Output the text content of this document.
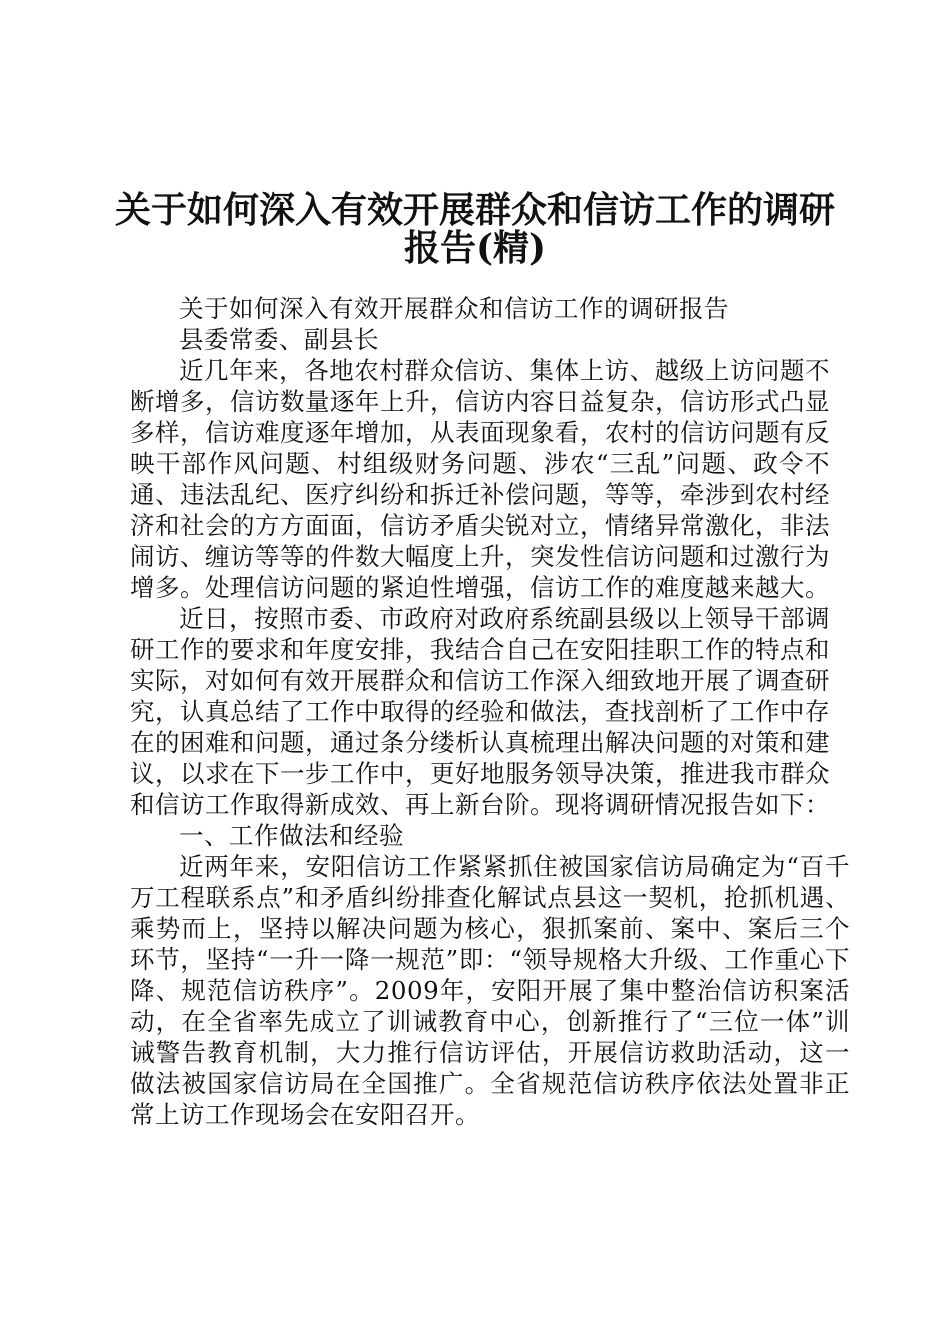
关于如何深入有效开展群众和信访工作的调研
报告(精)

关于如何深入有效开展群众和信访工作的调研报告

县委常委、副县长

近几年来，各地农村群众信访、集体上访、越级上访问题不断增多，信访数量逐年上升，信访内容日益复杂，信访形式凸显多样，信访难度逐年增加，从表面现象看，农村的信访问题有反映干部作风问题、村组级财务问题、涉农“三乱”问题、政令不通、违法乱纪、医疗纠纷和拆迁补偿问题，等等，牵涉到农村经济和社会的方方面面，信访矛盾尖锐对立，情绪异常激化，非法闹访、缠访等等的件数大幅度上升，突发性信访问题和过激行为增多。处理信访问题的紧迫性增强，信访工作的难度越来越大。

近日，按照市委、市政府对政府系统副县级以上领导干部调研工作的要求和年度安排，我结合自己在安阳挂职工作的特点和实际，对如何有效开展群众和信访工作深入细致地开展了调查研究，认真总结了工作中取得的经验和做法，查找剖析了工作中存在的困难和问题，通过条分缕析认真梳理出解决问题的对策和建议，以求在下一步工作中，更好地服务领导决策，推进我市群众和信访工作取得新成效、再上新台阶。现将调研情况报告如下：

一、工作做法和经验

近两年来，安阳信访工作紧紧抓住被国家信访局确定为“百千万工程联系点”和矛盾纠纷排查化解试点县这一契机，抢抓机遇、乘势而上，坚持以解决问题为核心，狠抓案前、案中、案后三个环节，坚持“一升一降一规范”即：“领导规格大升级、工作重心下降、规范信访秩序”。2009年，安阳开展了集中整治信访积案活动，在全省率先成立了训诫教育中心，创新推行了“三位一体”训诫警告教育机制，大力推行信访评估，开展信访救助活动，这一做法被国家信访局在全国推广。全省规范信访秩序依法处置非正常上访工作现场会在安阳召开。
